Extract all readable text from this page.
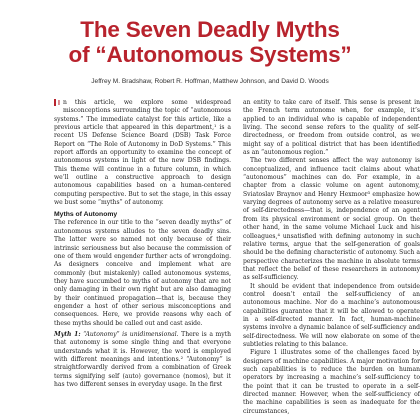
The Seven Deadly Myths
of “Autonomous Systems”
Jeffrey M. Bradshaw, Robert R. Hoffman, Matthew Johnson, and David D. Woods

I n this article, we explore some widespread misconceptions surrounding the topic of “autonomous systems.” The immediate catalyst for this article, like a previous article that appeared in this department,¹ is a recent US Defense Science Board (DSB) Task Force Report on “The Role of Autonomy in DoD Systems.” This report affords an opportunity to examine the concept of autonomous systems in light of the new DSB findings. This theme will continue in a future column, in which we’ll outline a constructive approach to design autonomous capabilities based on a human-centered computing perspective. But to set the stage, in this essay we bust some “myths” of autonomy.

Myths of Autonomy

The reference in our title to the “seven deadly myths” of autonomous systems alludes to the seven deadly sins. The latter were so named not only because of their intrinsic seriousness but also because the commission of one of them would engender further acts of wrongdoing. As designers conceive and implement what are commonly (but mistakenly) called autonomous systems, they have succumbed to myths of autonomy that are not only damaging in their own right but are also damaging by their continued propagation—that is, because they engender a host of other serious misconceptions and consequences. Here, we provide reasons why each of these myths should be called out and cast aside.

Myth 1: “Autonomy” is unidimensional. There is a myth that autonomy is some single thing and that everyone understands what it is. However, the word is employed with different meanings and intentions.² “Autonomy” is straightforwardly derived from a combination of Greek terms signifying self (auto) governance (nomos), but it has two different senses in everyday usage. In the first

an entity to take care of itself. This sense is present in the French term autonome when, for example, it’s applied to an individual who is capable of independent living. The second sense refers to the quality of self-directedness, or freedom from outside control, as we might say of a political district that has been identified as an “autonomous region.”

The two different senses affect the way autonomy is conceptualized, and influence tacit claims about what “autonomous” machines can do. For example, in a chapter from a classic volume on agent autonomy, Sviatoslav Braynov and Henry Hexmoor³ emphasize how varying degrees of autonomy serve as a relative measure of self-directedness—that is, independence of an agent from its physical environment or social group. On the other hand, in the same volume Michael Luck and his colleagues,⁴ unsatisfied with defining autonomy in such relative terms, argue that the self-generation of goals should be the defining characteristic of autonomy. Such a perspective characterizes the machine in absolute terms that reflect the belief of these researchers in autonomy as self-sufficiency.

It should be evident that independence from outside control doesn’t entail the self-sufficiency of an autonomous machine. Nor do a machine’s autonomous capabilities guarantee that it will be allowed to operate in a self-directed manner. In fact, human-machine systems involve a dynamic balance of self-sufficiency and self-directedness. We will now elaborate on some of the subtleties relating to this balance.

Figure 1 illustrates some of the challenges faced by designers of machine capabilities. A major motivation for such capabilities is to reduce the burden on human operators by increasing a machine’s self-sufficiency to the point that it can be trusted to operate in a self-directed manner. However, when the self-sufficiency of the machine capabilities is seen as inadequate for the circumstances,
